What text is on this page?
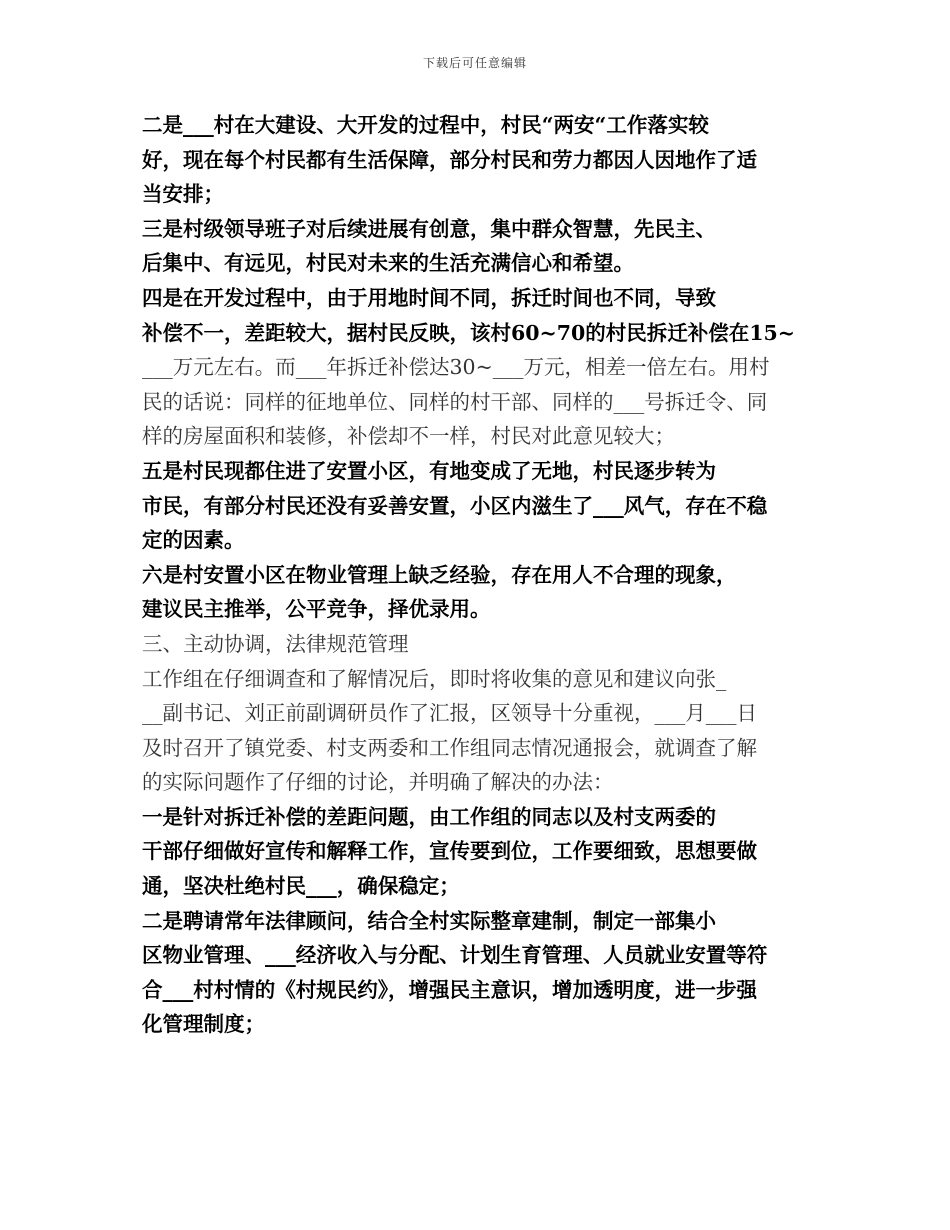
下载后可任意编辑

二是___村在大建设、大开发的过程中，村民“两安“工作落实较
好，现在每个村民都有生活保障，部分村民和劳力都因人因地作了适
当安排；

三是村级领导班子对后续进展有创意，集中群众智慧，先民主、
后集中、有远见，村民对未来的生活充满信心和希望。

四是在开发过程中，由于用地时间不同，拆迁时间也不同，导致
补偿不一，差距较大，据村民反映，该村60~70的村民拆迁补偿在15~

___万元左右。而___年拆迁补偿达30~___万元，相差一倍左右。用村
民的话说：同样的征地单位、同样的村干部、同样的___号拆迁令、同
样的房屋面积和装修，补偿却不一样，村民对此意见较大；

五是村民现都住进了安置小区，有地变成了无地，村民逐步转为
市民，有部分村民还没有妥善安置，小区内滋生了___风气，存在不稳
定的因素。

六是村安置小区在物业管理上缺乏经验，存在用人不合理的现象，
建议民主推举，公平竞争，择优录用。

三、主动协调，法律规范管理

工作组在仔细调查和了解情况后，即时将收集的意见和建议向张_
__副书记、刘正前副调研员作了汇报，区领导十分重视，___月___日
及时召开了镇党委、村支两委和工作组同志情况通报会，就调查了解
的实际问题作了仔细的讨论，并明确了解决的办法：

一是针对拆迁补偿的差距问题，由工作组的同志以及村支两委的
干部仔细做好宣传和解释工作，宣传要到位，工作要细致，思想要做
通，坚决杜绝村民___，确保稳定；

二是聘请常年法律顾问，结合全村实际整章建制，制定一部集小
区物业管理、___经济收入与分配、计划生育管理、人员就业安置等符
合___村村情的《村规民约》，增强民主意识，增加透明度，进一步强
化管理制度；
